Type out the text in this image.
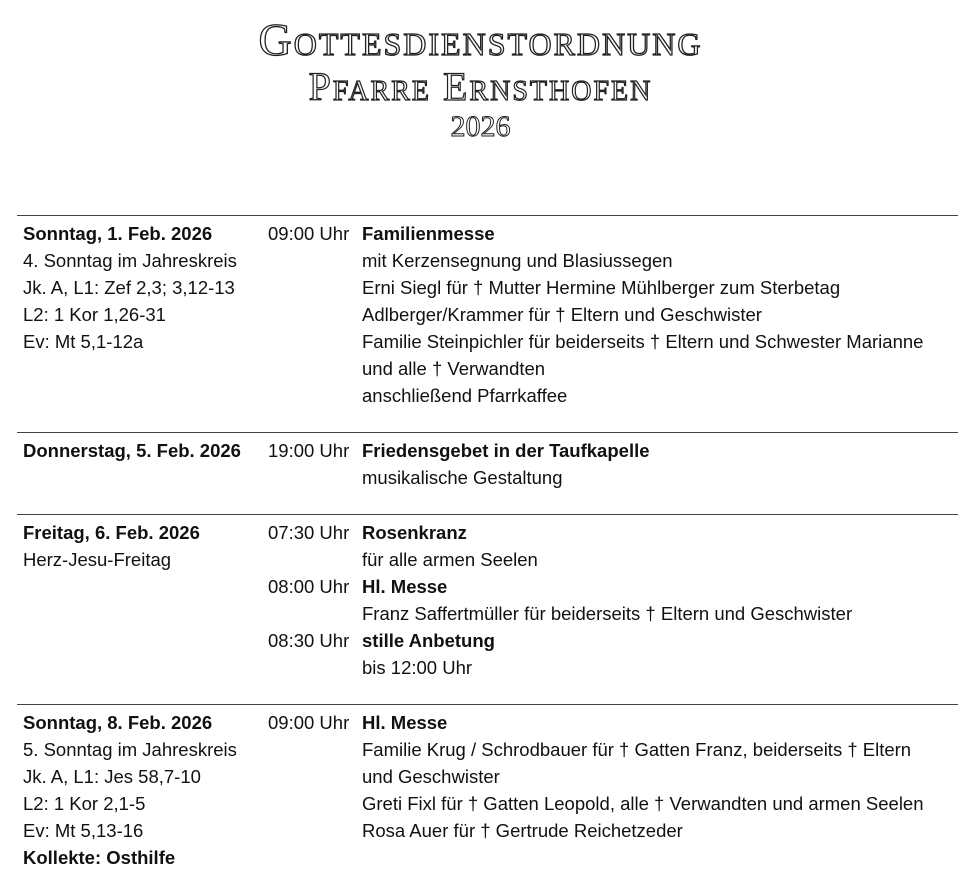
Gottesdienstordnung
Pfarre Ernsthofen
2026
Sonntag, 1. Feb. 2026
4. Sonntag im Jahreskreis
Jk. A, L1: Zef 2,3; 3,12-13
L2: 1 Kor 1,26-31
Ev: Mt 5,1-12a
09:00 Uhr Familienmesse
mit Kerzensegnung und Blasiussegen
Erni Siegl für † Mutter Hermine Mühlberger zum Sterbetag
Adlberger/Krammer für † Eltern und Geschwister
Familie Steinpichler für beiderseits † Eltern und Schwester Marianne
und alle † Verwandten
anschließend Pfarrkaffee
Donnerstag, 5. Feb. 2026	19:00 Uhr Friedensgebet in der Taufkapelle
musikalische Gestaltung
Freitag, 6. Feb. 2026
Herz-Jesu-Freitag
07:30 Uhr Rosenkranz
für alle armen Seelen
08:00 Uhr Hl. Messe
Franz Saffertmüller für beiderseits † Eltern und Geschwister
08:30 Uhr stille Anbetung
bis 12:00 Uhr
Sonntag, 8. Feb. 2026
5. Sonntag im Jahreskreis
Jk. A, L1: Jes 58,7-10
L2: 1 Kor 2,1-5
Ev: Mt 5,13-16
Kollekte: Osthilfe
09:00 Uhr Hl. Messe
Familie Krug / Schrodbauer für † Gatten Franz, beiderseits † Eltern
und Geschwister
Greti Fixl für † Gatten Leopold, alle † Verwandten und armen Seelen
Rosa Auer für † Gertrude Reichetzeder
